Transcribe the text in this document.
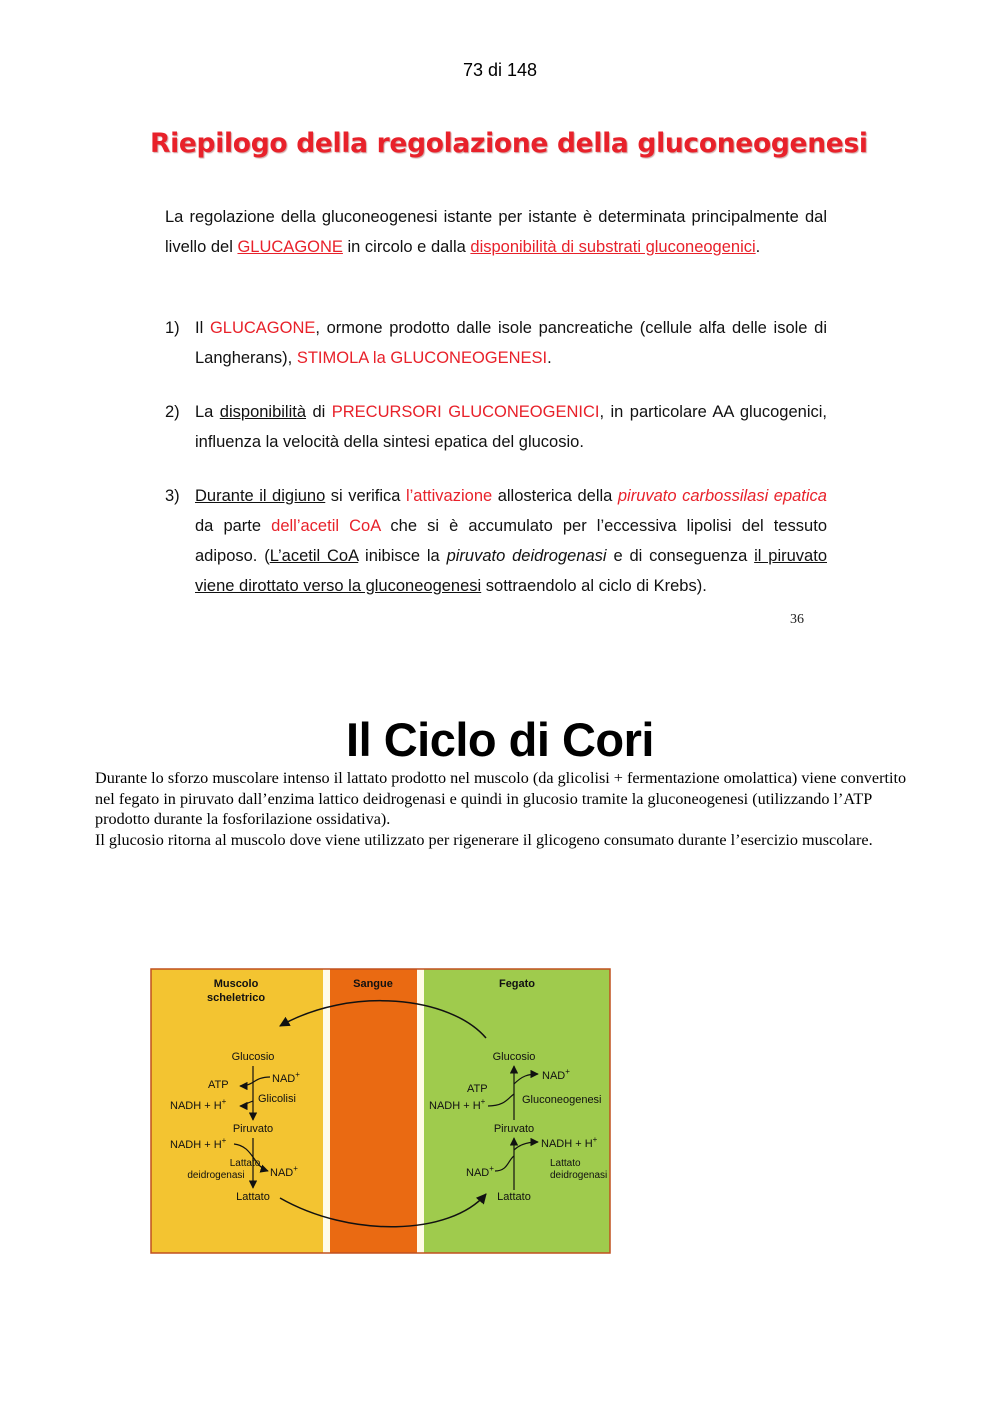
73 di 148
Riepilogo della regolazione della gluconeogenesi
La regolazione della gluconeogenesi istante per istante è determinata principalmente dal livello del GLUCAGONE in circolo e dalla disponibilità di substrati gluconeogenici.
1) Il GLUCAGONE, ormone prodotto dalle isole pancreatiche (cellule alfa delle isole di Langherans), STIMOLA la GLUCONEOGENESI.
2) La disponibilità di PRECURSORI GLUCONEOGENICI, in particolare AA glucogenici, influenza la velocità della sintesi epatica del glucosio.
3) Durante il digiuno si verifica l’attivazione allosterica della piruvato carbossilasi epatica da parte dell’acetil CoA che si è accumulato per l’eccessiva lipolisi del tessuto adiposo. (L’acetil CoA inibisce la piruvato deidrogenasi e di conseguenza il piruvato viene dirottato verso la gluconeogenesi sottraendolo al ciclo di Krebs).
36
Il Ciclo di Cori
Durante lo sforzo muscolare intenso il lattato prodotto nel muscolo (da glicolisi + fermentazione omolattica) viene convertito nel fegato in piruvato dall’enzima lattico deidrogenasi e quindi in glucosio tramite la gluconeogenesi (utilizzando l’ATP prodotto durante la fosforilazione ossidativa).
Il glucosio ritorna al muscolo dove viene utilizzato per rigenerare il glicogeno consumato durante l’esercizio muscolare.
Muscolo
scheletrico
Sangue	Fegato
Glucosio
ATP	NAD+
NADH + H+	Glicolisi
Piruvato
NADH + H+
Lattato
deidrogenasi NAD+
Lattato
Glucosio
NAD+
ATP
NADH + H+	Gluconeogenesi
Piruvato
NADH + H+
NAD+	Lattato
deidrogenasi
Lattato
